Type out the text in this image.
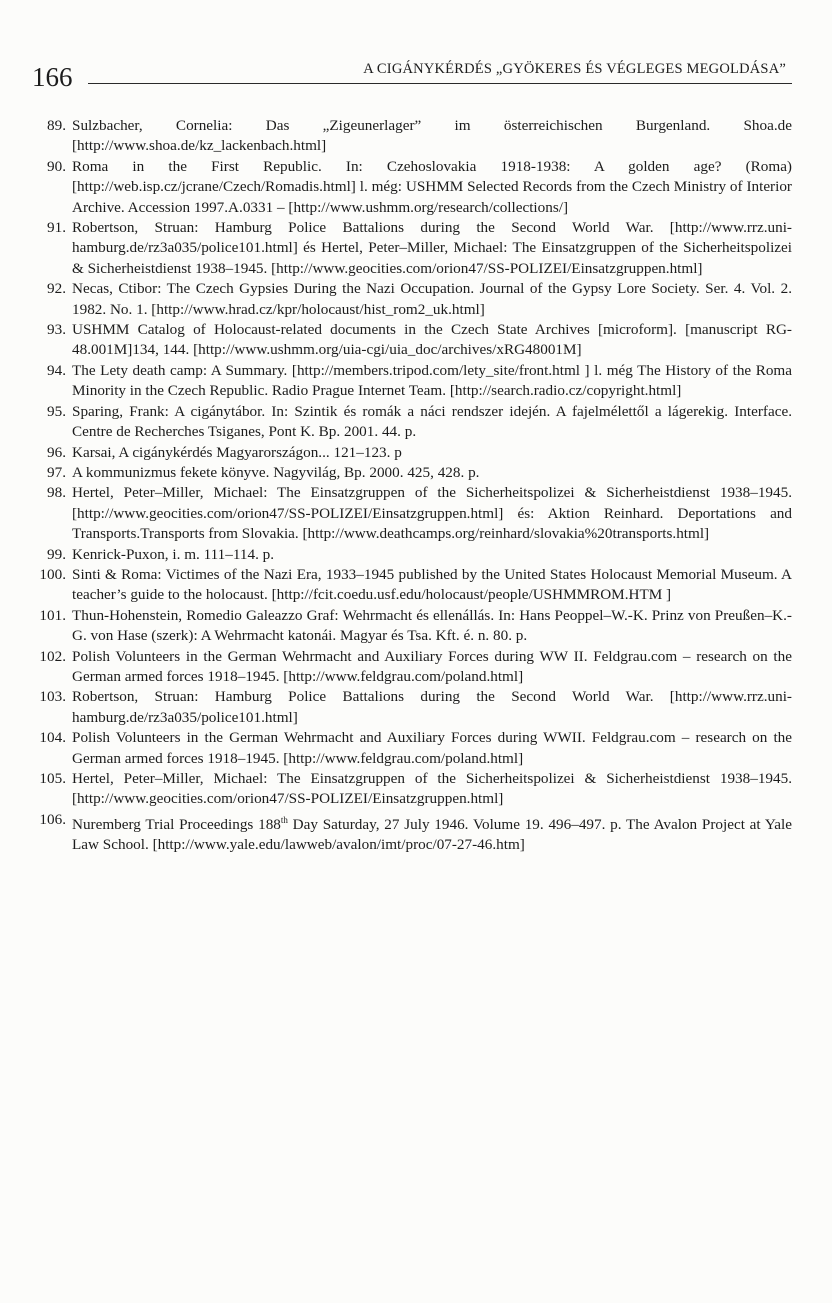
166	A CIGÁNYKÉRDÉS „GYÖKERES ÉS VÉGLEGES MEGOLDÁSA”
89. Sulzbacher, Cornelia: Das „Zigeunerlager” im österreichischen Burgenland. Shoa.de [http://www.shoa.de/kz_lackenbach.html]
90. Roma in the First Republic. In: Czehoslovakia 1918-1938: A golden age? (Roma) [http://web.isp.cz/jcrane/Czech/Romadis.html] l. még: USHMM Selected Records from the Czech Ministry of Interior Archive. Accession 1997.A.0331 – [http://www.ushmm.org/research/collections/]
91. Robertson, Struan: Hamburg Police Battalions during the Second World War. [http://www.rrz.uni-hamburg.de/rz3a035/police101.html] és Hertel, Peter–Miller, Michael: The Einsatzgruppen of the Sicherheitspolizei & Sicherheistdienst 1938–1945. [http://www.geocities.com/orion47/SS-POLIZEI/Einsatzgruppen.html]
92. Necas, Ctibor: The Czech Gypsies During the Nazi Occupation. Journal of the Gypsy Lore Society. Ser. 4. Vol. 2. 1982. No. 1. [http://www.hrad.cz/kpr/holocaust/hist_rom2_uk.html]
93. USHMM Catalog of Holocaust-related documents in the Czech State Archives [microform]. [manuscript RG-48.001M]134, 144. [http://www.ushmm.org/uia-cgi/uia_doc/archives/xRG48001M]
94. The Lety death camp: A Summary. [http://members.tripod.com/lety_site/front.html ] l. még The History of the Roma Minority in the Czech Republic. Radio Prague Internet Team. [http://search.radio.cz/copyright.html]
95. Sparing, Frank: A cigánytábor. In: Szintik és romák a náci rendszer idején. A fajelmélettől a lágerekig. Interface. Centre de Recherches Tsiganes, Pont K. Bp. 2001. 44. p.
96. Karsai, A cigánykérdés Magyarországon... 121–123. p
97. A kommunizmus fekete könyve. Nagyvilág, Bp. 2000. 425, 428. p.
98. Hertel, Peter–Miller, Michael: The Einsatzgruppen of the Sicherheitspolizei & Sicherheistdienst 1938–1945. [http://www.geocities.com/orion47/SS-POLIZEI/Einsatzgruppen.html] és: Aktion Reinhard. Deportations and Transports.Transports from Slovakia. [http://www.deathcamps.org/reinhard/slovakia%20transports.html]
99. Kenrick-Puxon, i. m. 111–114. p.
100. Sinti & Roma: Victimes of the Nazi Era, 1933–1945 published by the United States Holocaust Memorial Museum. A teacher’s guide to the holocaust. [http://fcit.coedu.usf.edu/holocaust/people/USHMMROM.HTM ]
101. Thun-Hohenstein, Romedio Galeazzo Graf: Wehrmacht és ellenállás. In: Hans Peoppel–W.-K. Prinz von Preußen–K.-G. von Hase (szerk): A Wehrmacht katonái. Magyar és Tsa. Kft. é. n. 80. p.
102. Polish Volunteers in the German Wehrmacht and Auxiliary Forces during WW II. Feldgrau.com – research on the German armed forces 1918–1945. [http://www.feldgrau.com/poland.html]
103. Robertson, Struan: Hamburg Police Battalions during the Second World War. [http://www.rrz.uni-hamburg.de/rz3a035/police101.html]
104. Polish Volunteers in the German Wehrmacht and Auxiliary Forces during WWII. Feldgrau.com – research on the German armed forces 1918–1945. [http://www.feldgrau.com/poland.html]
105. Hertel, Peter–Miller, Michael: The Einsatzgruppen of the Sicherheitspolizei & Sicherheistdienst 1938–1945. [http://www.geocities.com/orion47/SS-POLIZEI/Einsatzgruppen.html]
106. Nuremberg Trial Proceedings 188th Day Saturday, 27 July 1946. Volume 19. 496–497. p. The Avalon Project at Yale Law School. [http://www.yale.edu/lawweb/avalon/imt/proc/07-27-46.htm]
